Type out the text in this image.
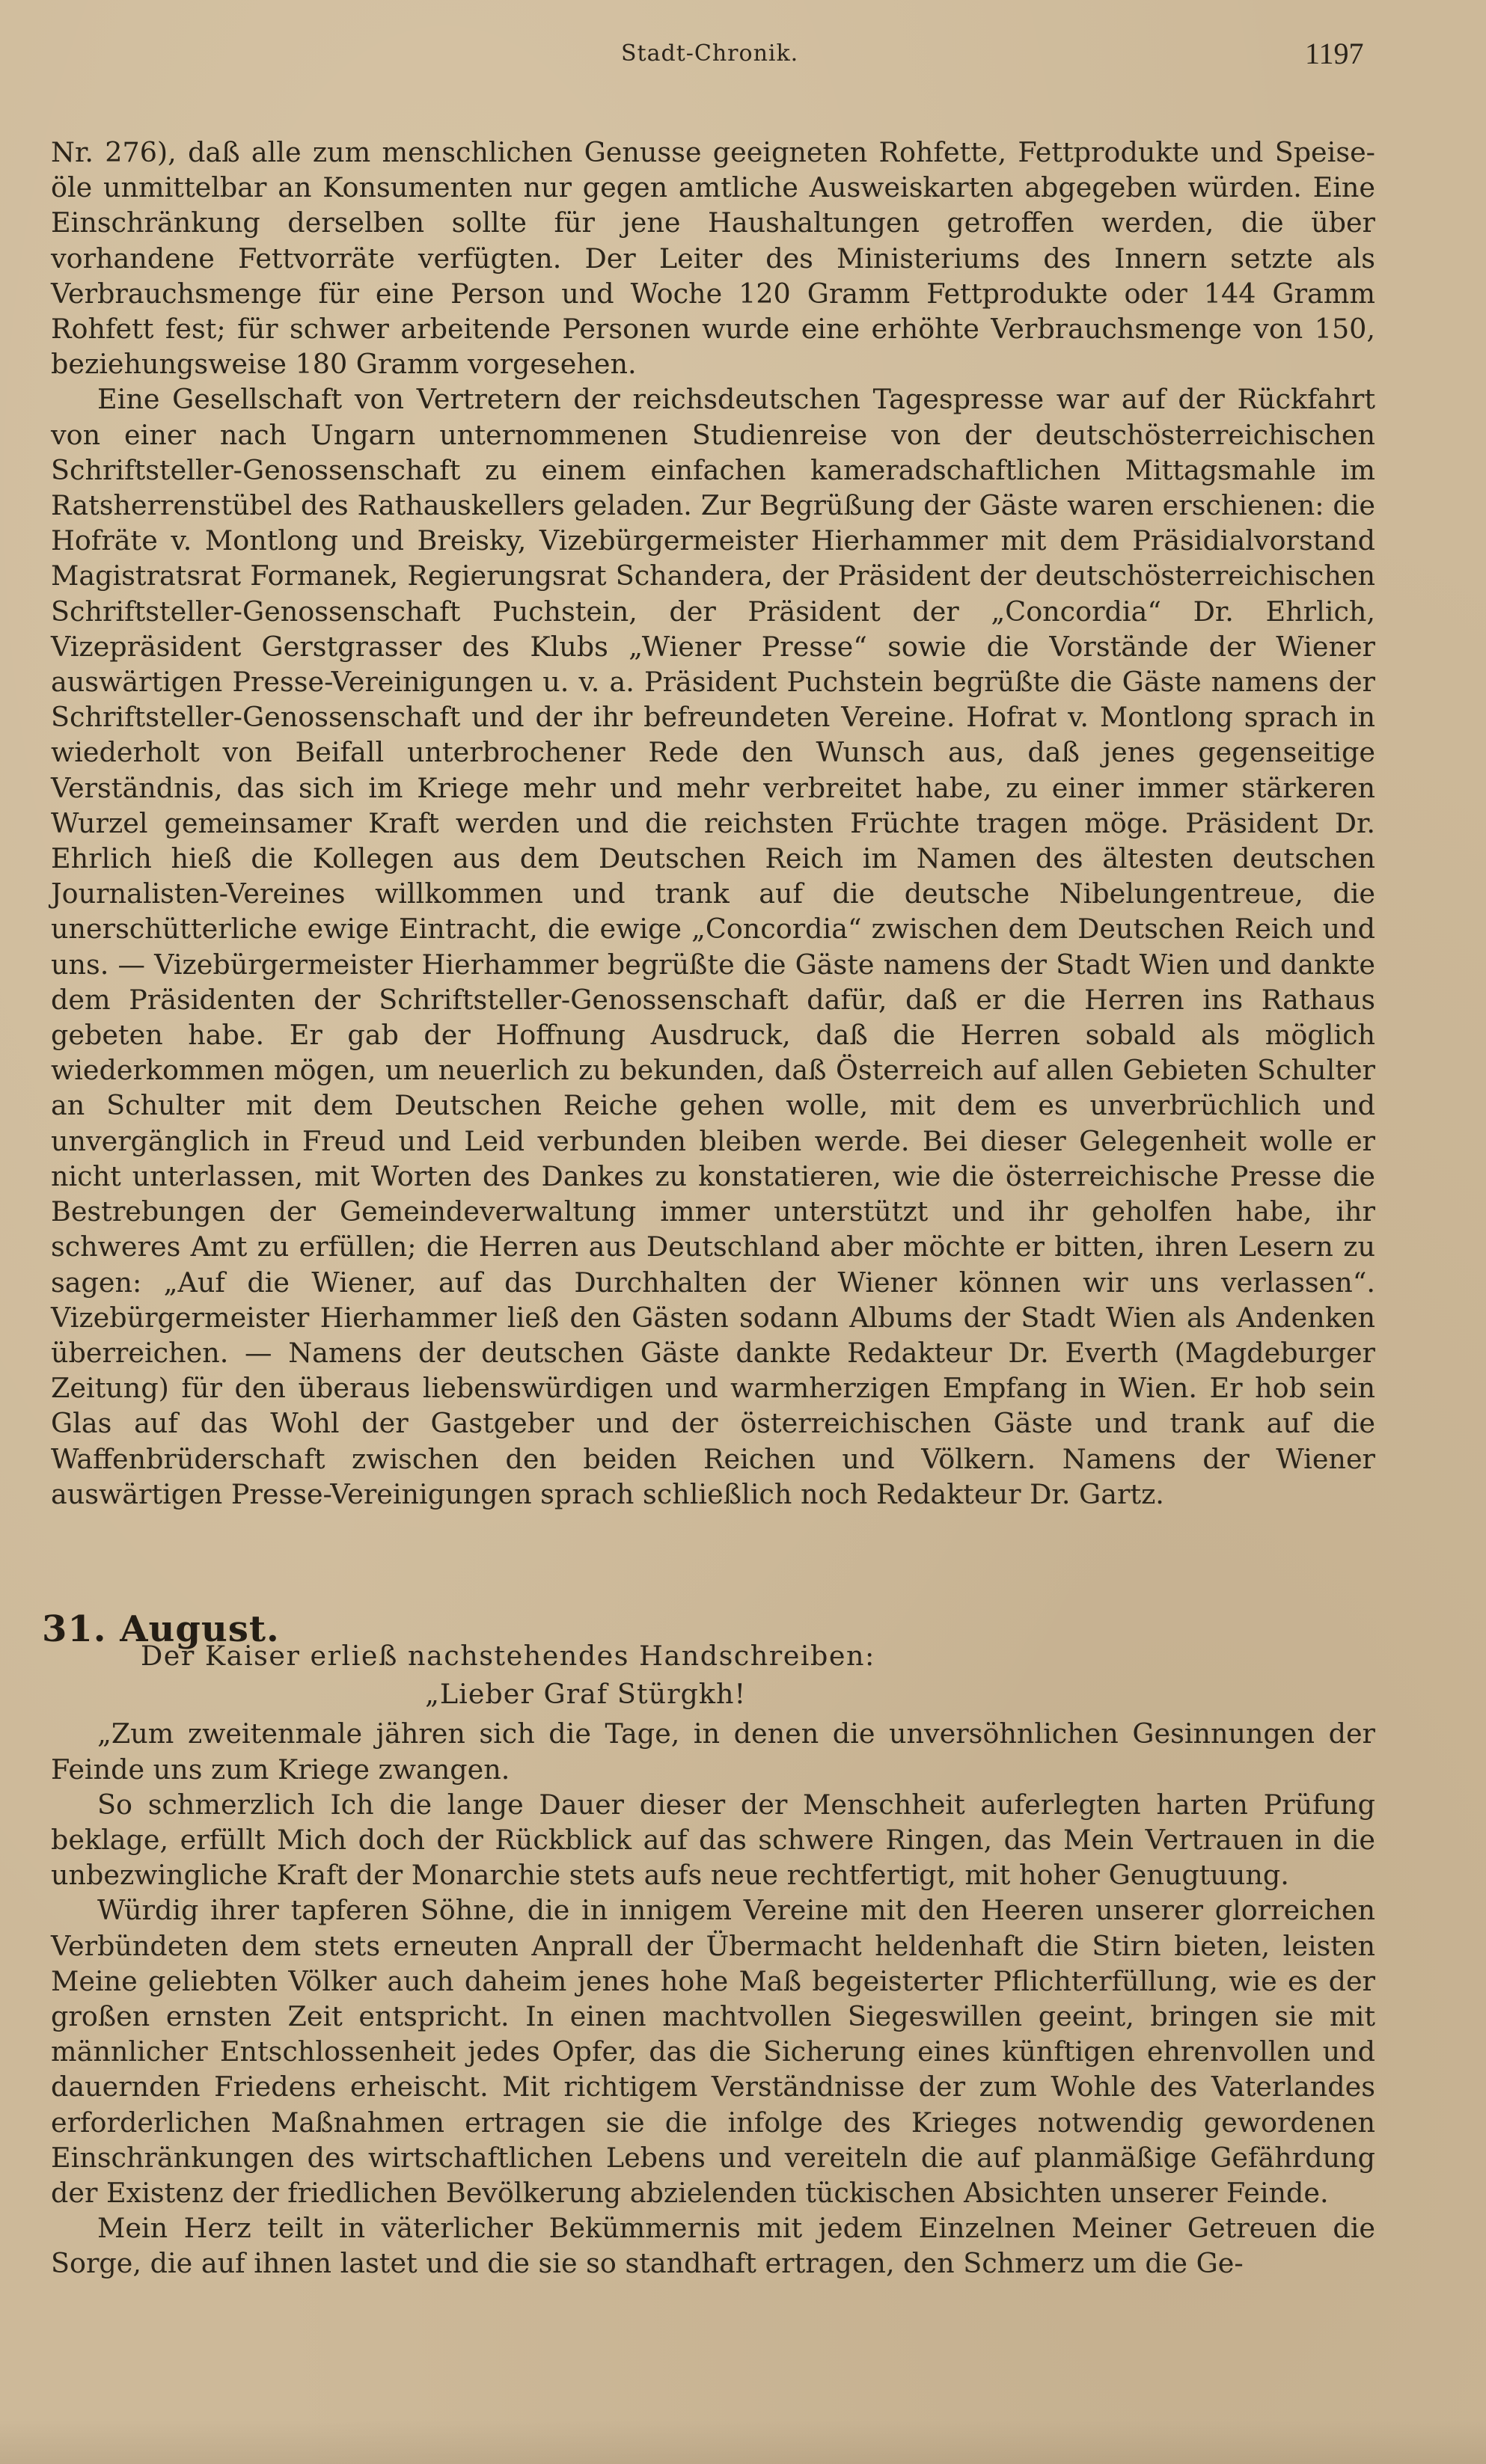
Stadt-Chronik.	1197

Nr. 276), daß alle zum menschlichen Genusse geeigneten Rohfette, Fettprodukte und Speise-öle unmittelbar an Konsumenten nur gegen amtliche Ausweiskarten abgegeben würden. Eine Einschränkung derselben sollte für jene Haushaltungen getroffen werden, die über vorhandene Fettvorräte verfügten. Der Leiter des Ministeriums des Innern setzte als Verbrauchsmenge für eine Person und Woche 120 Gramm Fettprodukte oder 144 Gramm Rohfett fest; für schwer arbeitende Personen wurde eine erhöhte Verbrauchsmenge von 150, beziehungsweise 180 Gramm vorgesehen.

Eine Gesellschaft von Vertretern der reichsdeutschen Tagespresse war auf der Rückfahrt von einer nach Ungarn unternommenen Studienreise von der deutschösterreichischen Schriftsteller-Genossenschaft zu einem einfachen kameradschaftlichen Mittagsmahle im Ratsherrenstübel des Rathauskellers geladen. Zur Begrüßung der Gäste waren erschienen: die Hofräte v. Montlong und Breisky, Vizebürgermeister Hierhammer mit dem Präsidialvorstand Magistratsrat Formanek, Regierungsrat Schandera, der Präsident der deutschösterreichischen Schriftsteller-Genossenschaft Puchstein, der Präsident der „Concordia“ Dr. Ehrlich, Vizepräsident Gerstgrasser des Klubs „Wiener Presse“ sowie die Vorstände der Wiener auswärtigen Presse-Vereinigungen u. v. a. Präsident Puchstein begrüßte die Gäste namens der Schriftsteller-Genossenschaft und der ihr befreundeten Vereine. Hofrat v. Montlong sprach in wiederholt von Beifall unterbrochener Rede den Wunsch aus, daß jenes gegenseitige Verständnis, das sich im Kriege mehr und mehr verbreitet habe, zu einer immer stärkeren Wurzel gemeinsamer Kraft werden und die reichsten Früchte tragen möge. Präsident Dr. Ehrlich hieß die Kollegen aus dem Deutschen Reich im Namen des ältesten deutschen Journalisten-Vereines willkommen und trank auf die deutsche Nibelungentreue, die unerschütterliche ewige Eintracht, die ewige „Concordia“ zwischen dem Deutschen Reich und uns. — Vizebürgermeister Hierhammer begrüßte die Gäste namens der Stadt Wien und dankte dem Präsidenten der Schriftsteller-Genossenschaft dafür, daß er die Herren ins Rathaus gebeten habe. Er gab der Hoffnung Ausdruck, daß die Herren sobald als möglich wiederkommen mögen, um neuerlich zu bekunden, daß Österreich auf allen Gebieten Schulter an Schulter mit dem Deutschen Reiche gehen wolle, mit dem es unverbrüchlich und unvergänglich in Freud und Leid verbunden bleiben werde. Bei dieser Gelegenheit wolle er nicht unterlassen, mit Worten des Dankes zu konstatieren, wie die österreichische Presse die Bestrebungen der Gemeindeverwaltung immer unterstützt und ihr geholfen habe, ihr schweres Amt zu erfüllen; die Herren aus Deutschland aber möchte er bitten, ihren Lesern zu sagen: „Auf die Wiener, auf das Durchhalten der Wiener können wir uns verlassen“. Vizebürgermeister Hierhammer ließ den Gästen sodann Albums der Stadt Wien als Andenken überreichen. — Namens der deutschen Gäste dankte Redakteur Dr. Everth (Magdeburger Zeitung) für den überaus liebenswürdigen und warmherzigen Empfang in Wien. Er hob sein Glas auf das Wohl der Gastgeber und der österreichischen Gäste und trank auf die Waffenbrüderschaft zwischen den beiden Reichen und Völkern. Namens der Wiener auswärtigen Presse-Vereinigungen sprach schließlich noch Redakteur Dr. Gartz.

31. August.

Der Kaiser erließ nachstehendes Handschreiben:

„Lieber Graf Stürgkh!

„Zum zweitenmale jähren sich die Tage, in denen die unversöhnlichen Gesinnungen der Feinde uns zum Kriege zwangen.

So schmerzlich Ich die lange Dauer dieser der Menschheit auferlegten harten Prüfung beklage, erfüllt Mich doch der Rückblick auf das schwere Ringen, das Mein Vertrauen in die unbezwingliche Kraft der Monarchie stets aufs neue rechtfertigt, mit hoher Genugtuung.

Würdig ihrer tapferen Söhne, die in innigem Vereine mit den Heeren unserer glorreichen Verbündeten dem stets erneuten Anprall der Übermacht heldenhaft die Stirn bieten, leisten Meine geliebten Völker auch daheim jenes hohe Maß begeisterter Pflichterfüllung, wie es der großen ernsten Zeit entspricht. In einen machtvollen Siegeswillen geeint, bringen sie mit männlicher Entschlossenheit jedes Opfer, das die Sicherung eines künftigen ehrenvollen und dauernden Friedens erheischt. Mit richtigem Verständnisse der zum Wohle des Vaterlandes erforderlichen Maßnahmen ertragen sie die infolge des Krieges notwendig gewordenen Einschränkungen des wirtschaftlichen Lebens und vereiteln die auf planmäßige Gefährdung der Existenz der friedlichen Bevölkerung abzielenden tückischen Absichten unserer Feinde.

Mein Herz teilt in väterlicher Bekümmernis mit jedem Einzelnen Meiner Getreuen die Sorge, die auf ihnen lastet und die sie so standhaft ertragen, den Schmerz um die Ge-
